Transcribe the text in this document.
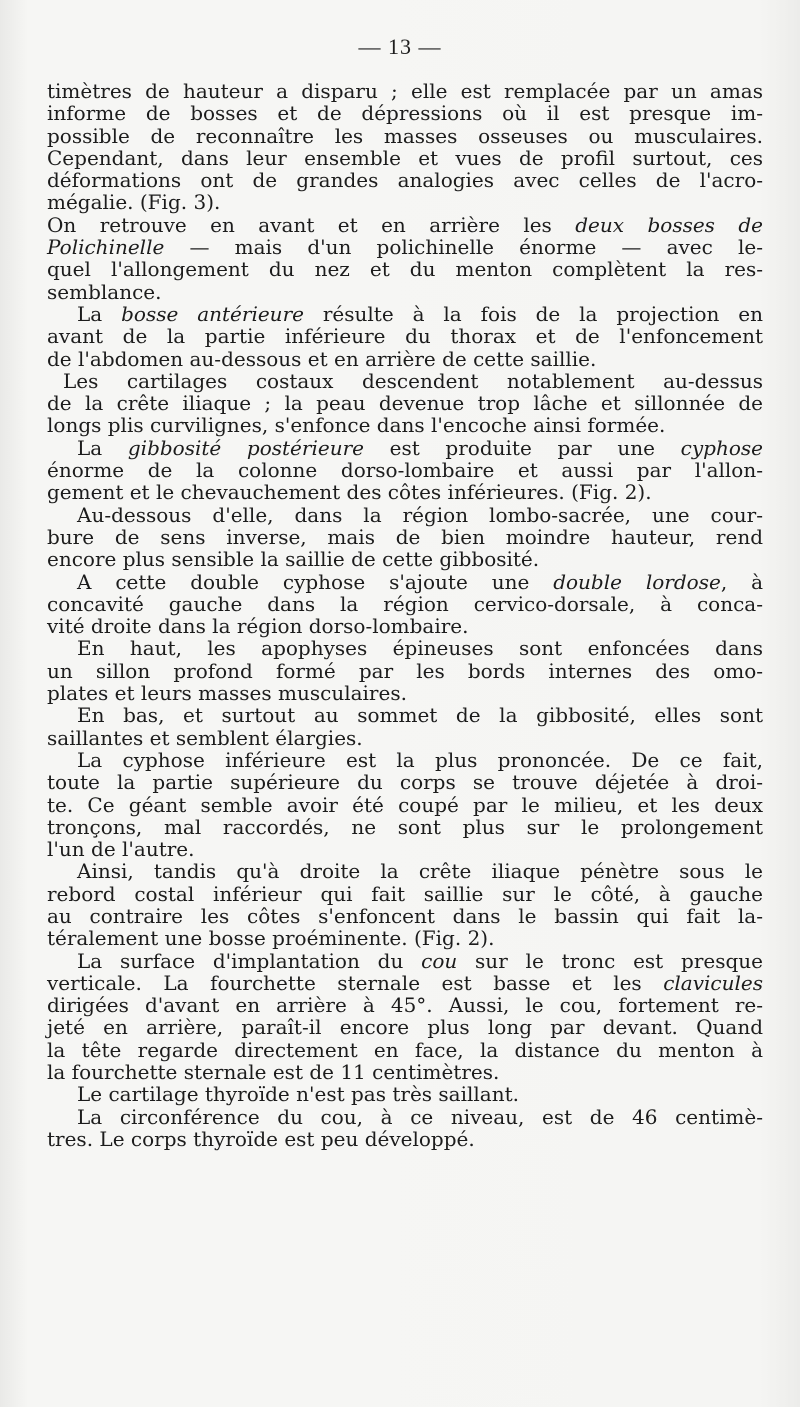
— 13 —
timètres de hauteur a disparu ; elle est remplacée par un amas
informe de bosses et de dépressions où il est presque im-
possible de reconnaître les masses osseuses ou musculaires.
Cependant, dans leur ensemble et vues de profil surtout, ces
déformations ont de grandes analogies avec celles de l'acro-
mégalie. (Fig. 3).
On retrouve en avant et en arrière les deux bosses de
Polichinelle — mais d'un polichinelle énorme — avec le-
quel l'allongement du nez et du menton complètent la res-
semblance.
La bosse antérieure résulte à la fois de la projection en
avant de la partie inférieure du thorax et de l'enfoncement
de l'abdomen au-dessous et en arrière de cette saillie.
Les cartilages costaux descendent notablement au-dessus
de la crête iliaque ; la peau devenue trop lâche et sillonnée de
longs plis curvilignes, s'enfonce dans l'encoche ainsi formée.
La gibbosité postérieure est produite par une cyphose
énorme de la colonne dorso-lombaire et aussi par l'allon-
gement et le chevauchement des côtes inférieures. (Fig. 2).
Au-dessous d'elle, dans la région lombo-sacrée, une cour-
bure de sens inverse, mais de bien moindre hauteur, rend
encore plus sensible la saillie de cette gibbosité.
A cette double cyphose s'ajoute une double lordose, à
concavité gauche dans la région cervico-dorsale, à conca-
vité droite dans la région dorso-lombaire.
En haut, les apophyses épineuses sont enfoncées dans
un sillon profond formé par les bords internes des omo-
plates et leurs masses musculaires.
En bas, et surtout au sommet de la gibbosité, elles sont
saillantes et semblent élargies.
La cyphose inférieure est la plus prononcée. De ce fait,
toute la partie supérieure du corps se trouve déjetée à droi-
te. Ce géant semble avoir été coupé par le milieu, et les deux
tronçons, mal raccordés, ne sont plus sur le prolongement
l'un de l'autre.
Ainsi, tandis qu'à droite la crête iliaque pénètre sous le
rebord costal inférieur qui fait saillie sur le côté, à gauche
au contraire les côtes s'enfoncent dans le bassin qui fait la-
téralement une bosse proéminente. (Fig. 2).
La surface d'implantation du cou sur le tronc est presque
verticale. La fourchette sternale est basse et les clavicules
dirigées d'avant en arrière à 45°. Aussi, le cou, fortement re-
jeté en arrière, paraît-il encore plus long par devant. Quand
la tête regarde directement en face, la distance du menton à
la fourchette sternale est de 11 centimètres.
Le cartilage thyroïde n'est pas très saillant.
La circonférence du cou, à ce niveau, est de 46 centimè-
tres. Le corps thyroïde est peu développé.
